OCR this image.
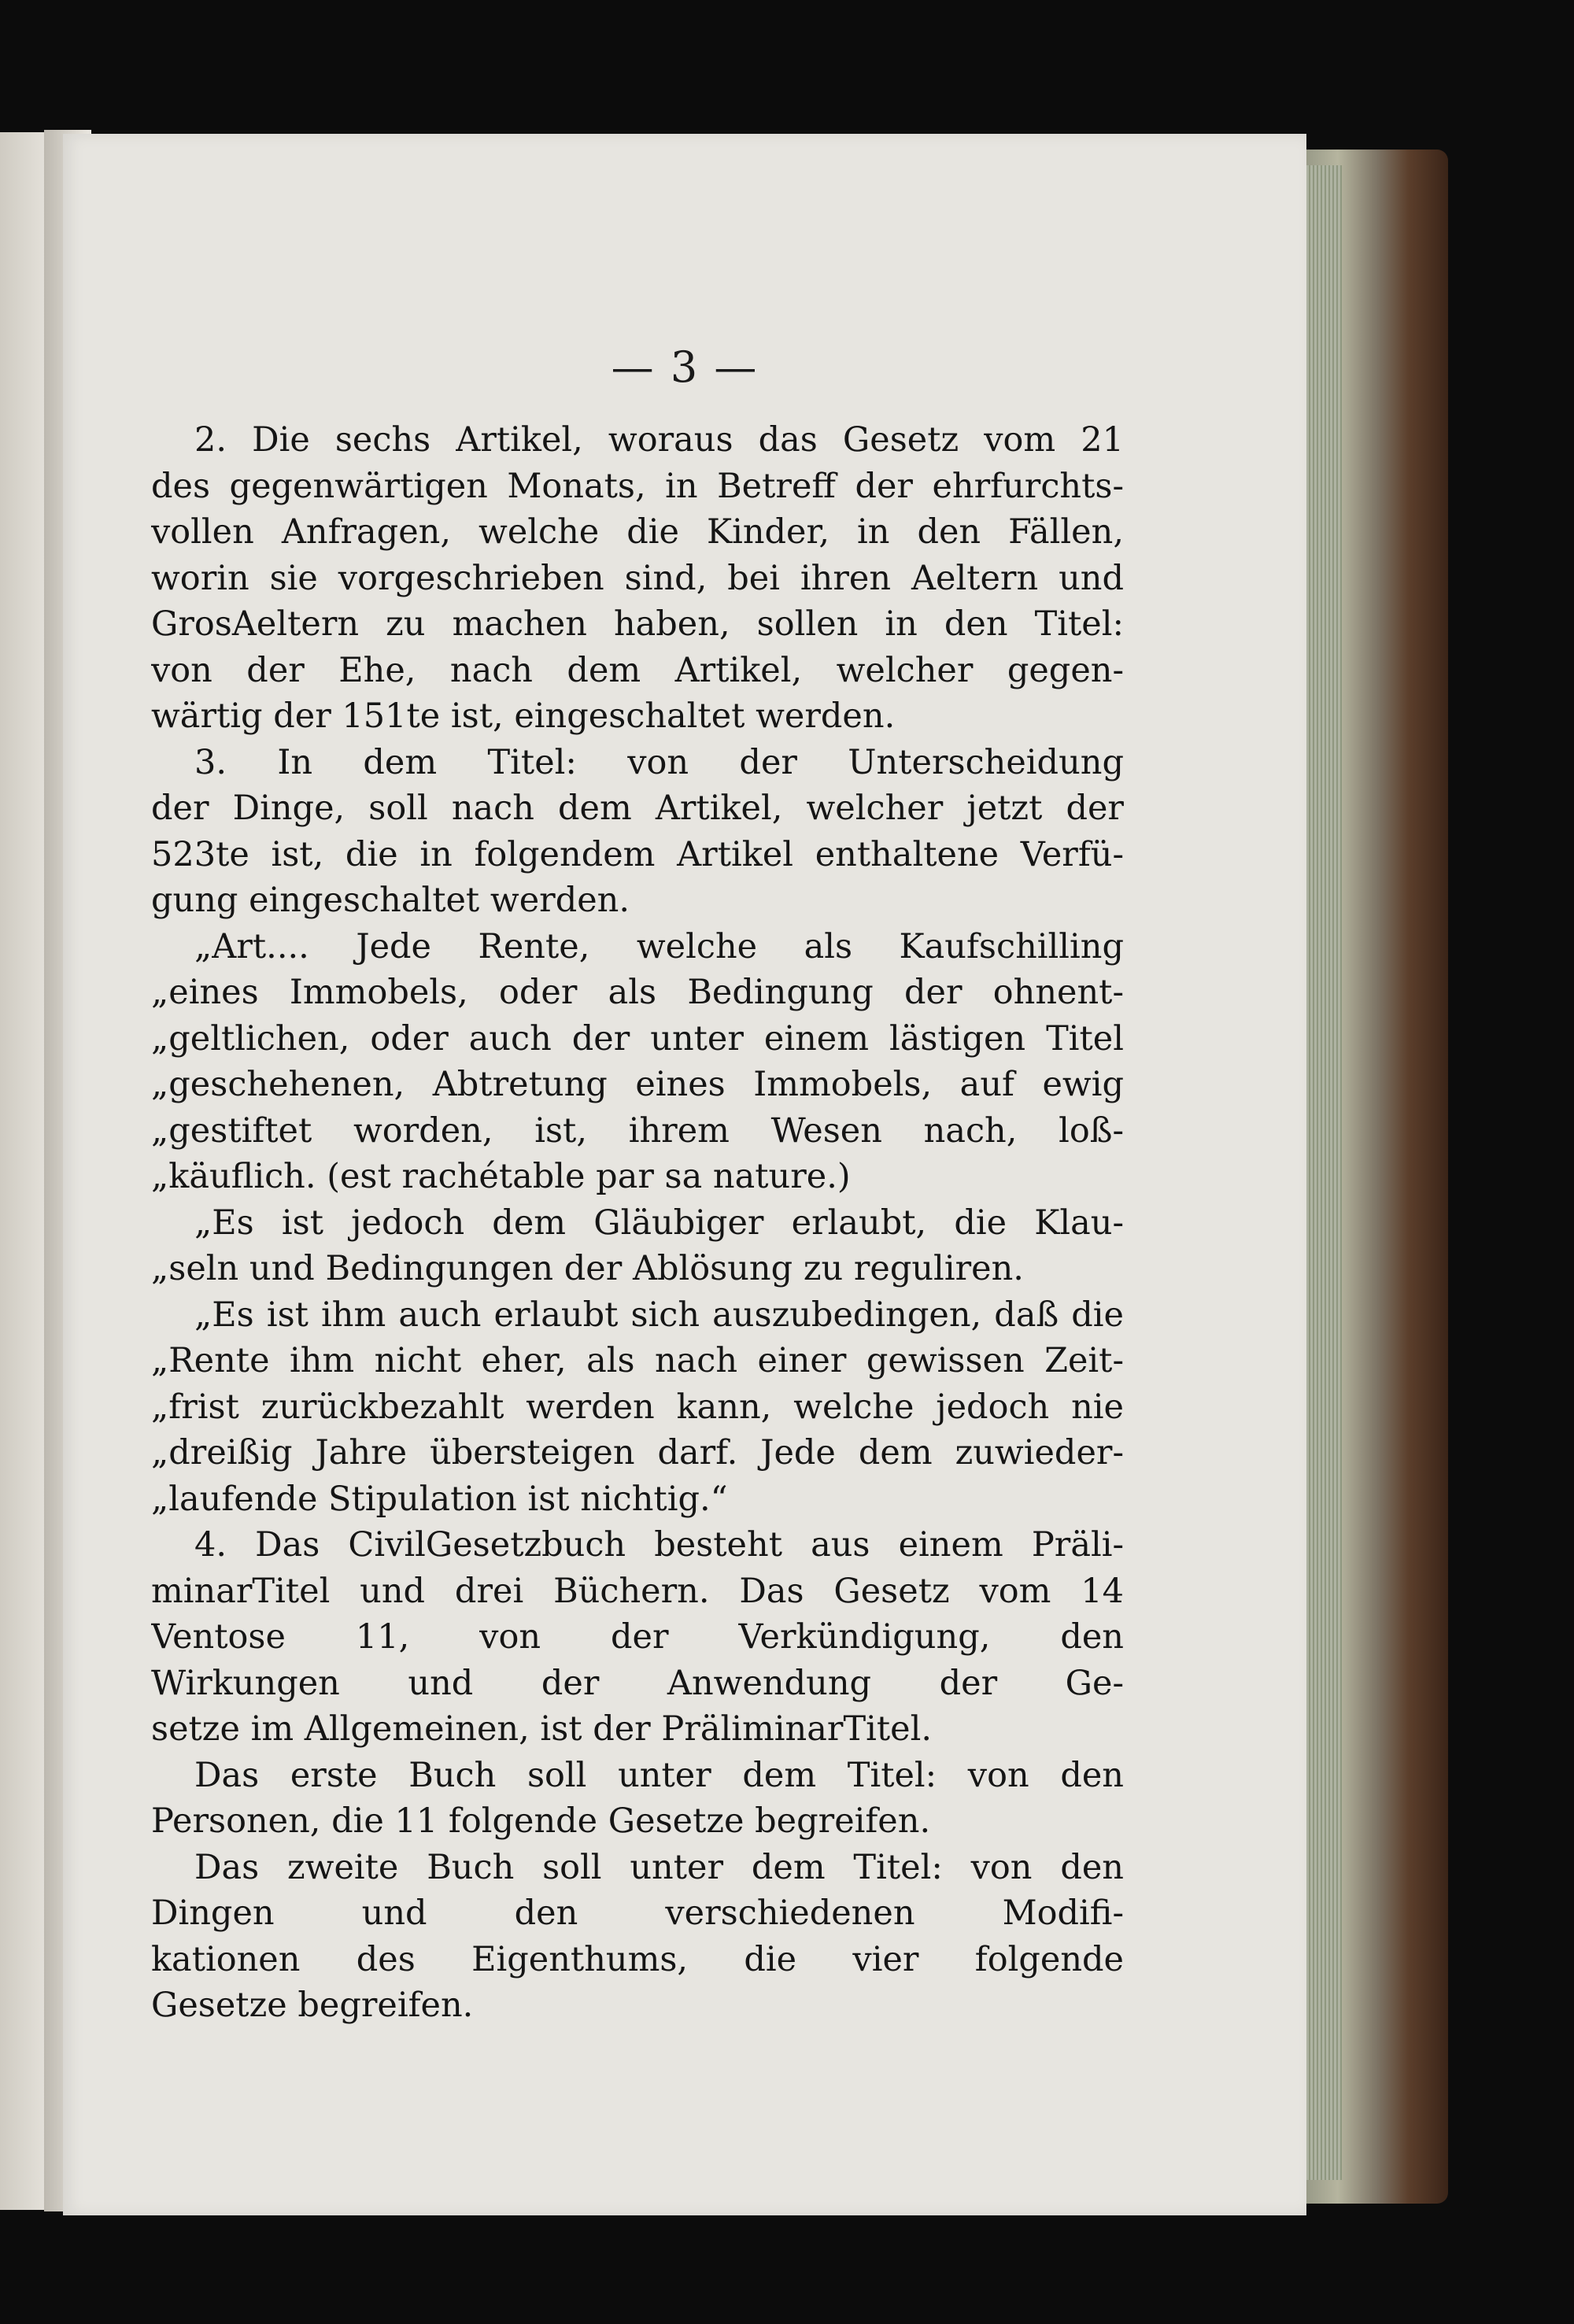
— 3 —
2. Die sechs Artikel, woraus das Gesetz vom 21
des gegenwärtigen Monats, in Betreff der ehrfurchts-
vollen Anfragen, welche die Kinder, in den Fällen,
worin sie vorgeschrieben sind, bei ihren Aeltern und
GrosAeltern zu machen haben, sollen in den Titel:
von der Ehe, nach dem Artikel, welcher gegen-
wärtig der 151te ist, eingeschaltet werden.
3. In dem Titel: von der Unterscheidung
der Dinge, soll nach dem Artikel, welcher jetzt der
523te ist, die in folgendem Artikel enthaltene Verfü-
gung eingeschaltet werden.
„Art.... Jede Rente, welche als Kaufschilling
„eines Immobels, oder als Bedingung der ohnent-
„geltlichen, oder auch der unter einem lästigen Titel
„geschehenen, Abtretung eines Immobels, auf ewig
„gestiftet worden, ist, ihrem Wesen nach, loß-
„käuflich. (est rachétable par sa nature.)
„Es ist jedoch dem Gläubiger erlaubt, die Klau-
„seln und Bedingungen der Ablösung zu reguliren.
„Es ist ihm auch erlaubt sich auszubedingen, daß die
„Rente ihm nicht eher, als nach einer gewissen Zeit-
„frist zurückbezahlt werden kann, welche jedoch nie
„dreißig Jahre übersteigen darf. Jede dem zuwieder-
„laufende Stipulation ist nichtig.“
4. Das CivilGesetzbuch besteht aus einem Präli-
minarTitel und drei Büchern. Das Gesetz vom 14
Ventose 11, von der Verkündigung, den
Wirkungen und der Anwendung der Ge-
setze im Allgemeinen, ist der PräliminarTitel.
Das erste Buch soll unter dem Titel: von den
Personen, die 11 folgende Gesetze begreifen.
Das zweite Buch soll unter dem Titel: von den
Dingen und den verschiedenen Modifi-
kationen des Eigenthums, die vier folgende
Gesetze begreifen.
